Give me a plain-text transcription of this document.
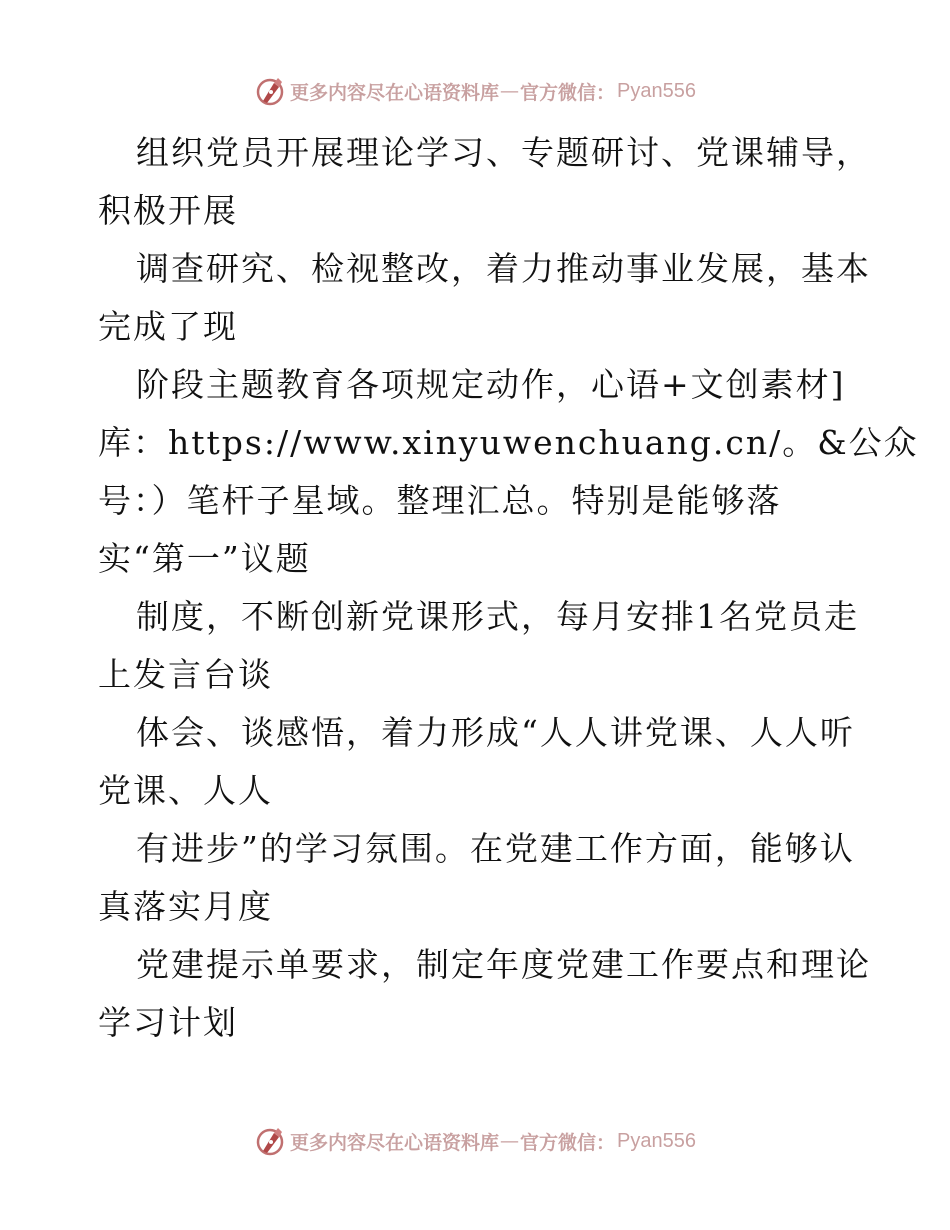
更多内容尽在心语资料库 — 官方微信： Pyan556
组织党员开展理论学习、专题研讨、党课辅导，
积极开展
调查研究、检视整改，着力推动事业发展，基本
完成了现
阶段主题教育各项规定动作，心语+文创素材]
库：https://www.xinyuwenchuang.cn/。&公众
号：）笔杆子星域。整理汇总。特别是能够落
实“第一”议题
制度，不断创新党课形式，每月安排1名党员走
上发言台谈
体会、谈感悟，着力形成“人人讲党课、人人听
党课、人人
有进步”的学习氛围。在党建工作方面，能够认
真落实月度
党建提示单要求，制定年度党建工作要点和理论
学习计划
更多内容尽在心语资料库 — 官方微信： Pyan556
